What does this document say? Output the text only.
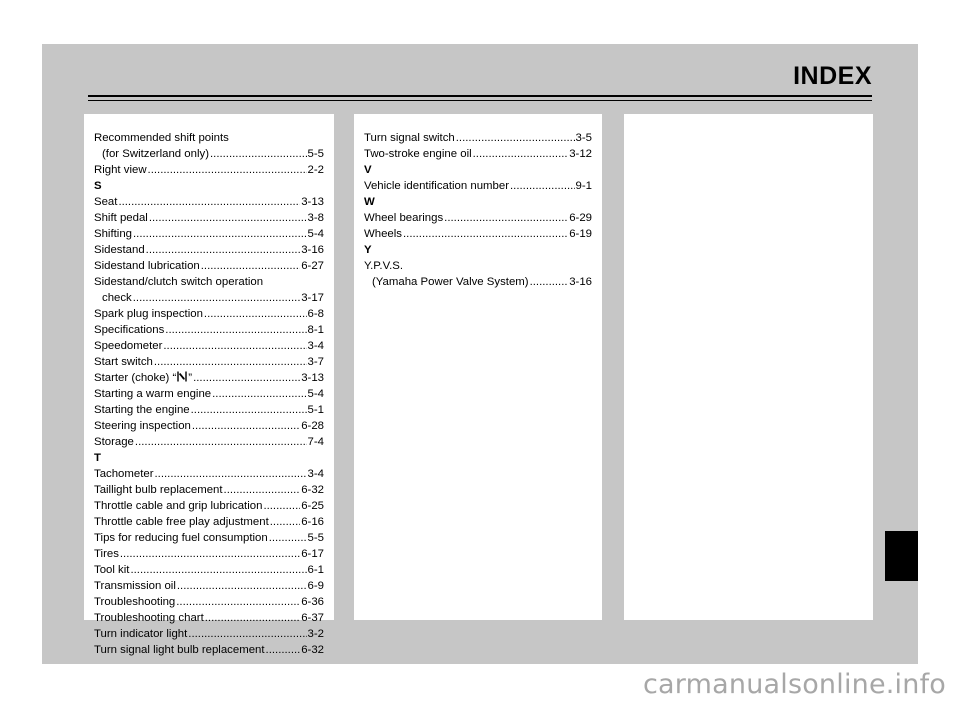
INDEX
Recommended shift points
(for Switzerland only) .....	5-5
Right view .....	2-2
S
Seat .....	3-13
Shift pedal .....	3-8
Shifting .....	5-4
Sidestand .....	3-16
Sidestand lubrication .....	6-27
Sidestand/clutch switch operation
check .....	3-17
Spark plug inspection .....	6-8
Specifications .....	8-1
Speedometer .....	3-4
Start switch .....	3-7
Starter (choke) “ ” .....	3-13
Starting a warm engine .....	5-4
Starting the engine .....	5-1
Steering inspection .....	6-28
Storage .....	7-4
T
Tachometer .....	3-4
Taillight bulb replacement .....	6-32
Throttle cable and grip lubrication .....	6-25
Throttle cable free play adjustment .....	6-16
Tips for reducing fuel consumption .....	5-5
Tires .....	6-17
Tool kit .....	6-1
Transmission oil .....	6-9
Troubleshooting .....	6-36
Troubleshooting chart .....	6-37
Turn indicator light .....	3-2
Turn signal light bulb replacement .....	6-32
Turn signal switch .....	3-5
Two-stroke engine oil .....	3-12
V
Vehicle identification number .....	9-1
W
Wheel bearings .....	6-29
Wheels .....	6-19
Y
Y.P.V.S.
(Yamaha Power Valve System) .....	3-16
carmanualsonline.info
